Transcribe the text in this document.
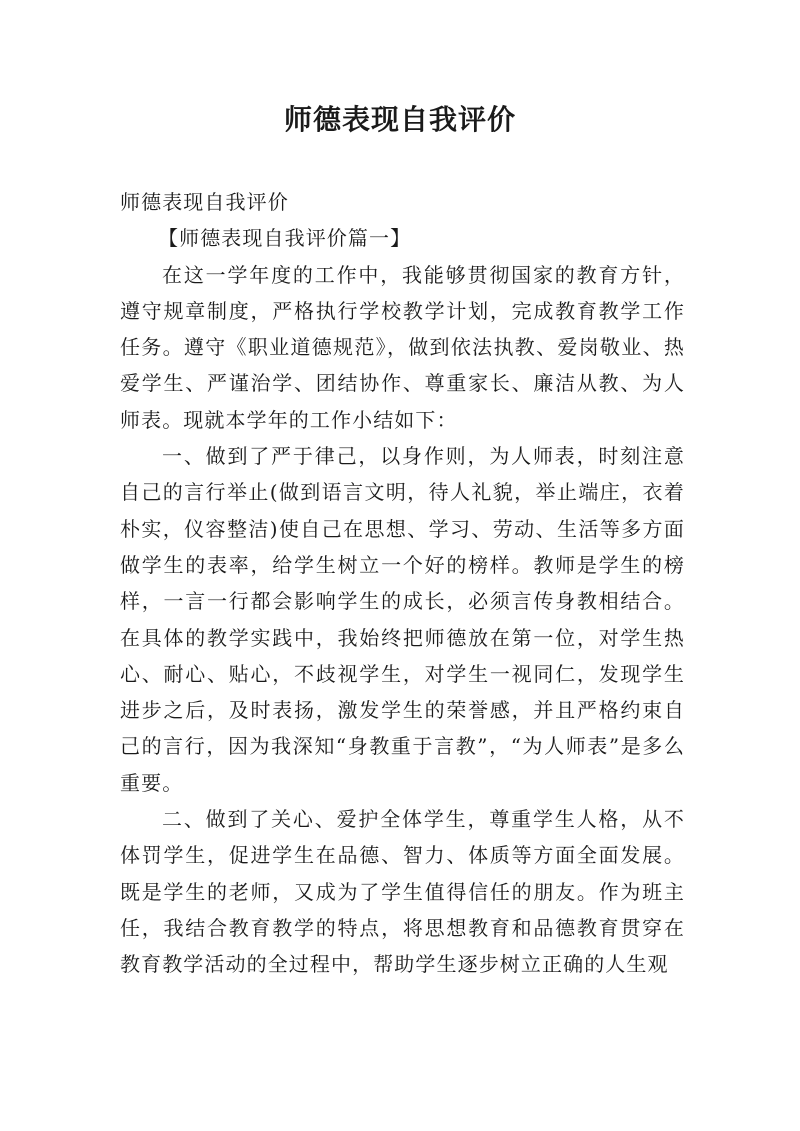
师德表现自我评价

师德表现自我评价

【师德表现自我评价篇一】

在这一学年度的工作中，我能够贯彻国家的教育方针，遵守规章制度，严格执行学校教学计划，完成教育教学工作任务。遵守《职业道德规范》，做到依法执教、爱岗敬业、热爱学生、严谨治学、团结协作、尊重家长、廉洁从教、为人师表。现就本学年的工作小结如下：

一、做到了严于律己，以身作则，为人师表，时刻注意自己的言行举止(做到语言文明，待人礼貌，举止端庄，衣着朴实，仪容整洁)使自己在思想、学习、劳动、生活等多方面做学生的表率，给学生树立一个好的榜样。教师是学生的榜样，一言一行都会影响学生的成长，必须言传身教相结合。在具体的教学实践中，我始终把师德放在第一位，对学生热心、耐心、贴心，不歧视学生，对学生一视同仁，发现学生进步之后，及时表扬，激发学生的荣誉感，并且严格约束自己的言行，因为我深知“身教重于言教”，“为人师表”是多么重要。

二、做到了关心、爱护全体学生，尊重学生人格，从不体罚学生，促进学生在品德、智力、体质等方面全面发展。既是学生的老师，又成为了学生值得信任的朋友。作为班主任，我结合教育教学的特点，将思想教育和品德教育贯穿在教育教学活动的全过程中，帮助学生逐步树立正确的人生观
